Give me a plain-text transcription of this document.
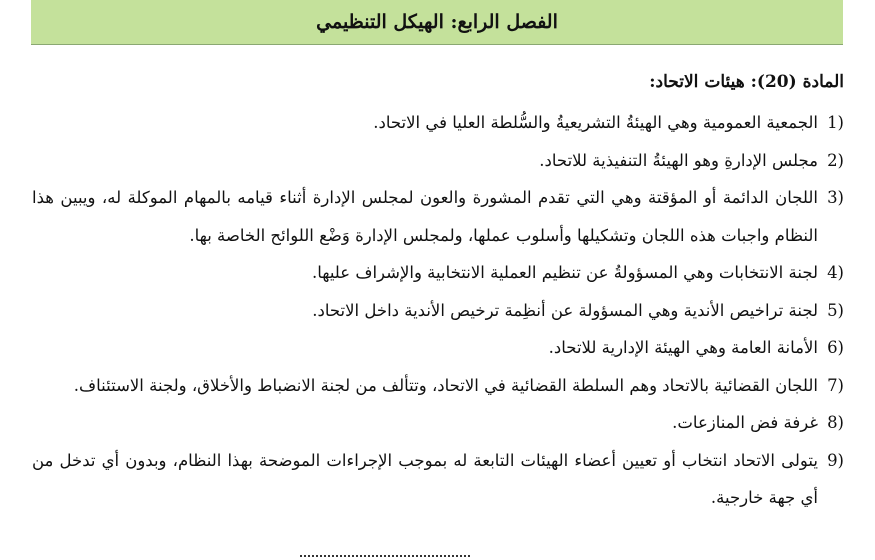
الفصل الرابع: الهيكل التنظيمي
المادة (20): هيئات الاتحاد:
1)
الجمعية العمومية وهي الهيئةُ التشريعيةُ والسُّلطة العليا في الاتحاد.
2)
مجلس الإدارةِ وهو الهيئةُ التنفيذية للاتحاد.
3)
اللجان الدائمة أو المؤقتة وهي التي تقدم المشورة والعون لمجلس الإدارة أثناء قيامه بالمهام الموكلة له، ويبين هذا النظام واجبات هذه اللجان وتشكيلها وأسلوب عملها، ولمجلس الإدارة وَضْع اللوائح الخاصة بها.
4)
لجنة الانتخابات وهي المسؤولةُ عن تنظيم العملية الانتخابية والإشراف عليها.
5)
لجنة تراخيص الأندية وهي المسؤولة عن أنظِمة ترخيص الأندية داخل الاتحاد.
6)
الأمانة العامة وهي الهيئة الإدارية للاتحاد.
7)
اللجان القضائية بالاتحاد وهم السلطة القضائية في الاتحاد، وتتألف من لجنة الانضباط والأخلاق، ولجنة الاستئناف.
8)
غرفة فض المنازعات.
9)
يتولى الاتحاد انتخاب أو تعيين أعضاء الهيئات التابعة له بموجب الإجراءات الموضحة بهذا النظام، وبدون أي تدخل من أي جهة خارجية.
